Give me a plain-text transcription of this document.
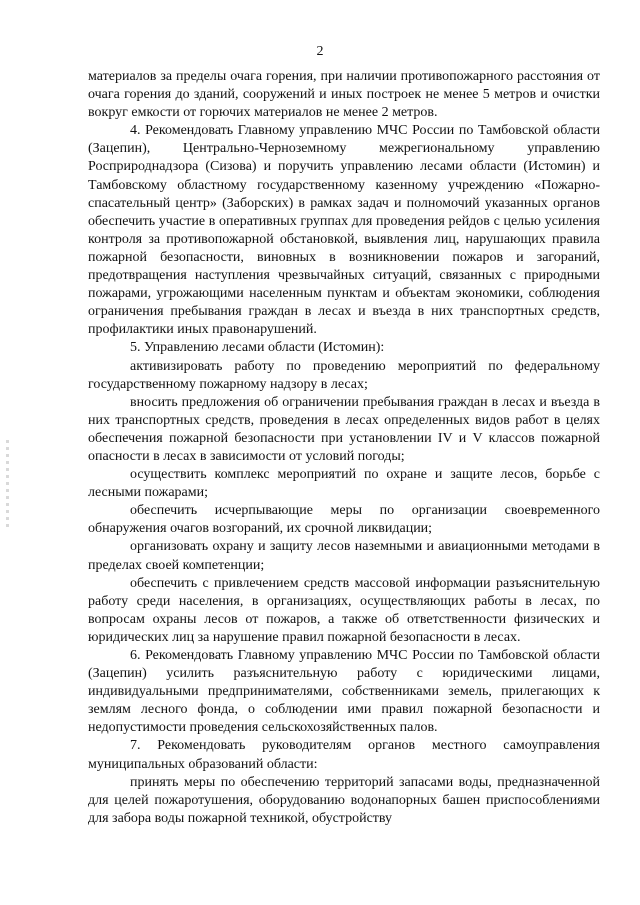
2

материалов за пределы очага горения, при наличии противопожарного расстояния от очага горения до зданий, сооружений и иных построек не менее 5 метров и очистки вокруг емкости от горючих материалов не менее 2 метров.

4. Рекомендовать Главному управлению МЧС России по Тамбовской области (Зацепин), Центрально-Черноземному межрегиональному управлению Росприроднадзора (Сизова) и поручить управлению лесами области (Истомин) и Тамбовскому областному государственному казенному учреждению «Пожарно-спасательный центр» (Заборских) в рамках задач и полномочий указанных органов обеспечить участие в оперативных группах для проведения рейдов с целью усиления контроля за противопожарной обстановкой, выявления лиц, нарушающих правила пожарной безопасности, виновных в возникновении пожаров и загораний, предотвращения наступления чрезвычайных ситуаций, связанных с природными пожарами, угрожающими населенным пунктам и объектам экономики, соблюдения ограничения пребывания граждан в лесах и въезда в них транспортных средств, профилактики иных правонарушений.

5. Управлению лесами области (Истомин):

активизировать работу по проведению мероприятий по федеральному государственному пожарному надзору в лесах;

вносить предложения об ограничении пребывания граждан в лесах и въезда в них транспортных средств, проведения в лесах определенных видов работ в целях обеспечения пожарной безопасности при установлении IV и V классов пожарной опасности в лесах в зависимости от условий погоды;

осуществить комплекс мероприятий по охране и защите лесов, борьбе с лесными пожарами;

обеспечить исчерпывающие меры по организации своевременного обнаружения очагов возгораний, их срочной ликвидации;

организовать охрану и защиту лесов наземными и авиационными методами в пределах своей компетенции;

обеспечить с привлечением средств массовой информации разъяснительную работу среди населения, в организациях, осуществляющих работы в лесах, по вопросам охраны лесов от пожаров, а также об ответственности физических и юридических лиц за нарушение правил пожарной безопасности в лесах.

6. Рекомендовать Главному управлению МЧС России по Тамбовской области (Зацепин) усилить разъяснительную работу с юридическими лицами, индивидуальными предпринимателями, собственниками земель, прилегающих к землям лесного фонда, о соблюдении ими правил пожарной безопасности и недопустимости проведения сельскохозяйственных палов.

7. Рекомендовать руководителям органов местного самоуправления муниципальных образований области:

принять меры по обеспечению территорий запасами воды, предназначенной для целей пожаротушения, оборудованию водонапорных башен приспособлениями для забора воды пожарной техникой, обустройству
